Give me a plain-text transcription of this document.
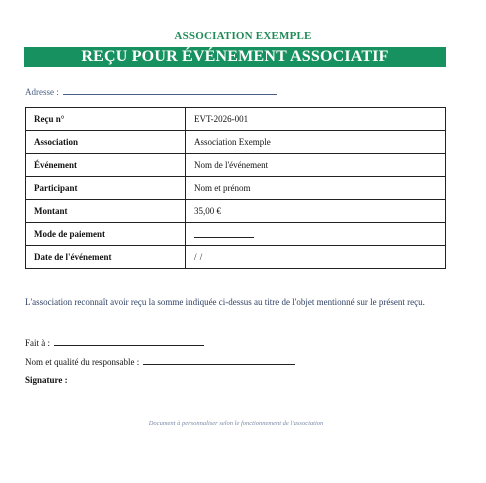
ASSOCIATION EXEMPLE
REÇU POUR ÉVÉNEMENT ASSOCIATIF
Adresse :
Reçu n°	EVT-2026-001
Association	Association Exemple
Événement	Nom de l'événement
Participant	Nom et prénom
Montant	35,00 €
Mode de paiement	
Date de l'événement	/ /
L'association reconnaît avoir reçu la somme indiquée ci-dessus au titre de l'objet mentionné sur le présent reçu.
Fait à :
Nom et qualité du responsable :
Signature :
Document à personnaliser selon le fonctionnement de l'association
